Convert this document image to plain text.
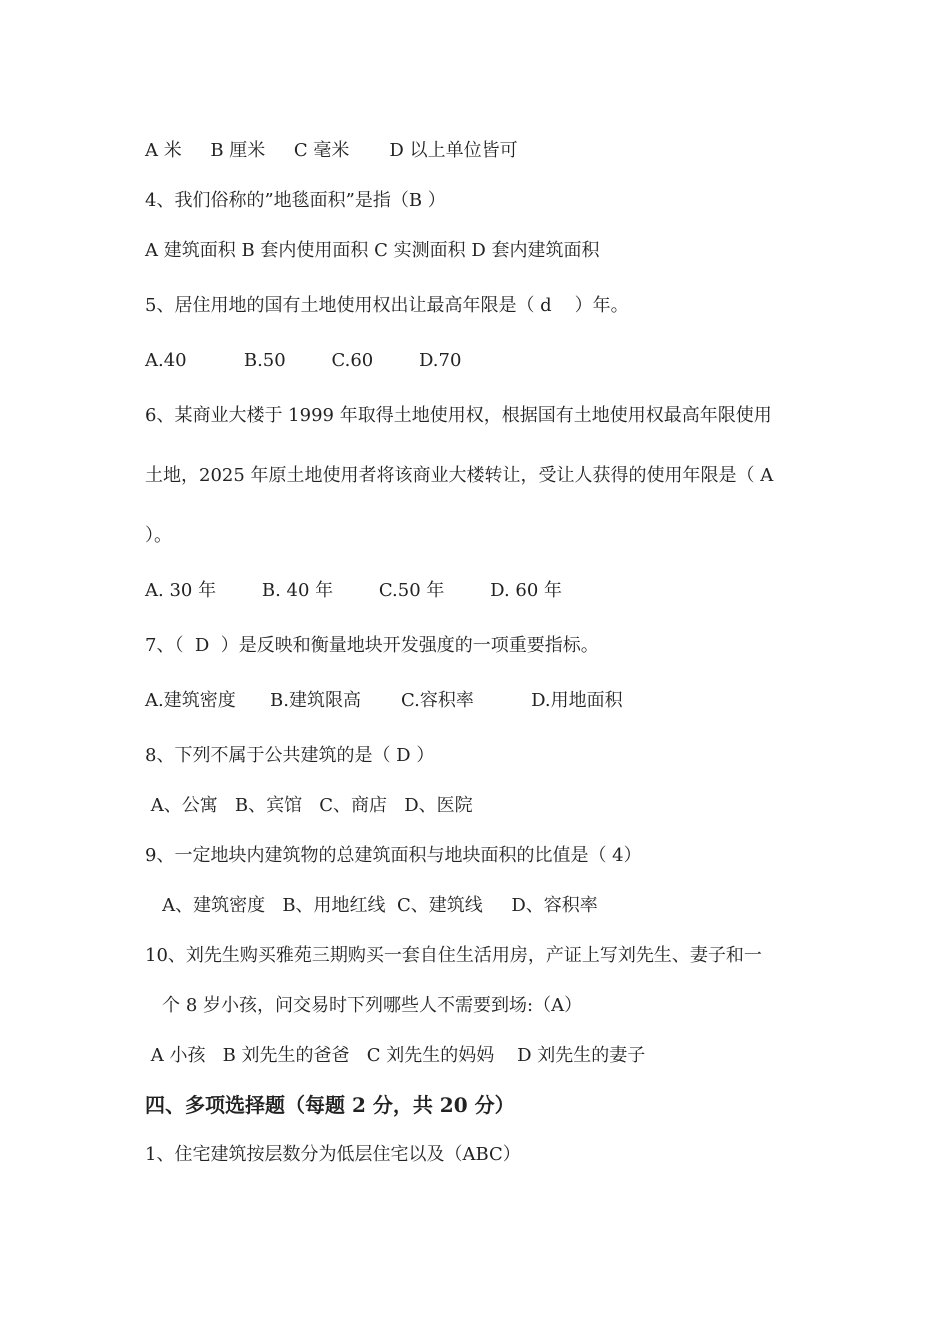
A 米     B 厘米     C 毫米       D 以上单位皆可
4、我们俗称的”地毯面积”是指（B ）
A 建筑面积 B 套内使用面积 C 实测面积 D 套内建筑面积
5、居住用地的国有土地使用权出让最高年限是（ d    ）年。
A.40          B.50        C.60        D.70
6、某商业大楼于 1999 年取得土地使用权，根据国有土地使用权最高年限使用
土地，2025 年原土地使用者将该商业大楼转让，受让人获得的使用年限是（ A
）。
A. 30 年        B. 40 年        C.50 年        D. 60 年
7、（  D  ）是反映和衡量地块开发强度的一项重要指标。
A.建筑密度      B.建筑限高       C.容积率          D.用地面积
8、下列不属于公共建筑的是（ D ）
A、公寓   B、宾馆   C、商店   D、医院
9、一定地块内建筑物的总建筑面积与地块面积的比值是（ 4）
A、建筑密度   B、用地红线  C、建筑线     D、容积率
10、刘先生购买雅苑三期购买一套自住生活用房，产证上写刘先生、妻子和一
个 8 岁小孩，问交易时下列哪些人不需要到场:（A）
A 小孩   B 刘先生的爸爸   C 刘先生的妈妈    D 刘先生的妻子
四、多项选择题（每题 2 分，共 20 分）
1、住宅建筑按层数分为低层住宅以及（ABC）
